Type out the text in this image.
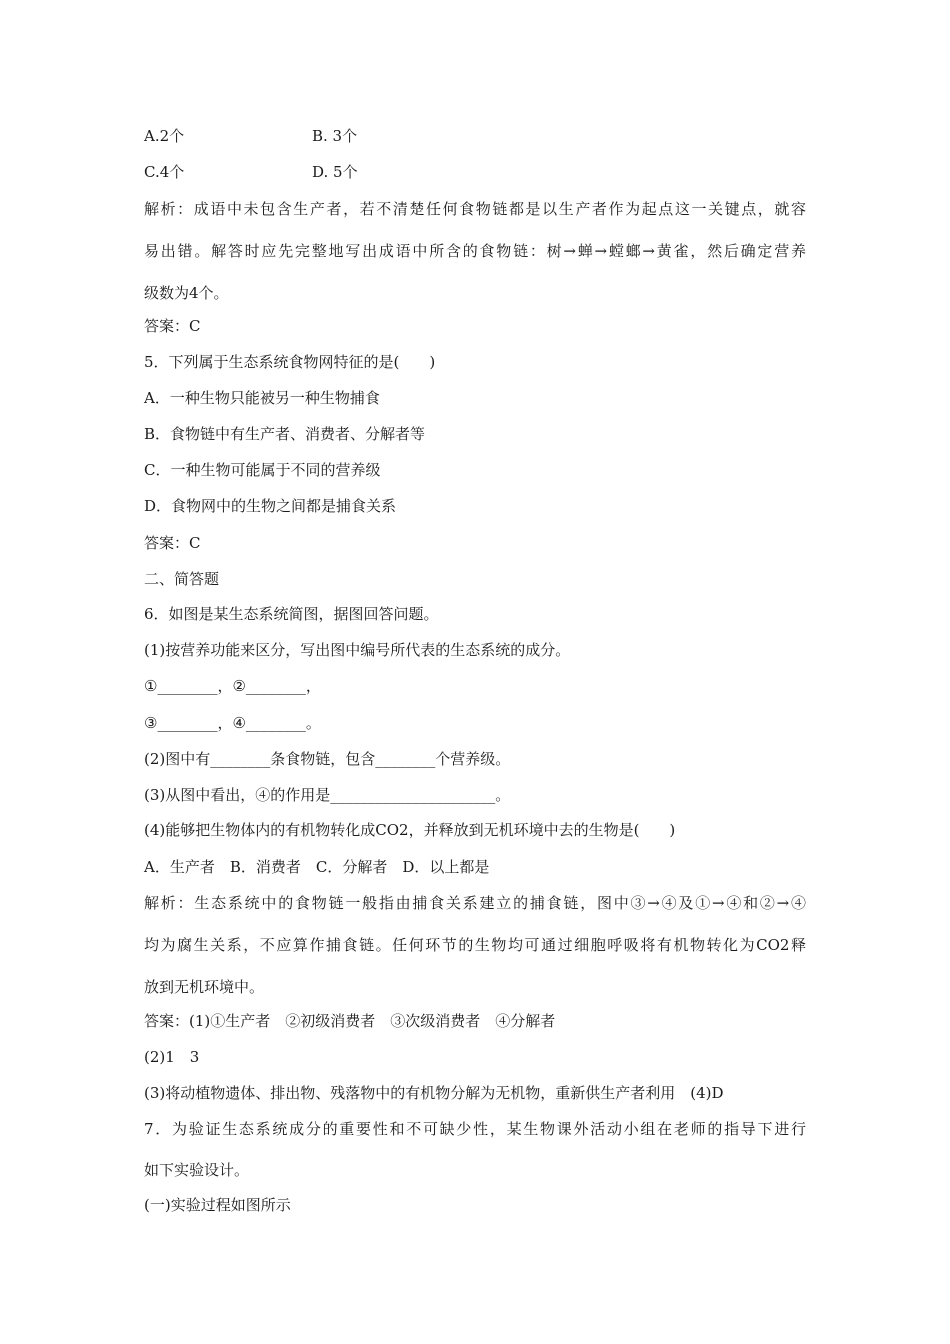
A.2个	B. 3个
C.4个	D. 5个
解析：成语中未包含生产者，若不清楚任何食物链都是以生产者作为起点这一关键点，就容
易出错。解答时应先完整地写出成语中所含的食物链：树→蝉→螳螂→黄雀，然后确定营养
级数为4个。
答案：C
5．下列属于生态系统食物网特征的是(　　)
A．一种生物只能被另一种生物捕食
B．食物链中有生产者、消费者、分解者等
C．一种生物可能属于不同的营养级
D．食物网中的生物之间都是捕食关系
答案：C
二、简答题
6．如图是某生态系统简图，据图回答问题。
(1)按营养功能来区分，写出图中编号所代表的生态系统的成分。
①________，②________，
③________，④________。
(2)图中有________条食物链，包含________个营养级。
(3)从图中看出，④的作用是______________________。
(4)能够把生物体内的有机物转化成CO2，并释放到无机环境中去的生物是(　　)
A．生产者　B．消费者　C．分解者　D．以上都是
解析：生态系统中的食物链一般指由捕食关系建立的捕食链，图中③→④及①→④和②→④
均为腐生关系，不应算作捕食链。任何环节的生物均可通过细胞呼吸将有机物转化为CO2释
放到无机环境中。
答案：(1)①生产者　②初级消费者　③次级消费者　④分解者
(2)1　3
(3)将动植物遗体、排出物、残落物中的有机物分解为无机物，重新供生产者利用　(4)D
7．为验证生态系统成分的重要性和不可缺少性，某生物课外活动小组在老师的指导下进行
如下实验设计。
(一)实验过程如图所示
